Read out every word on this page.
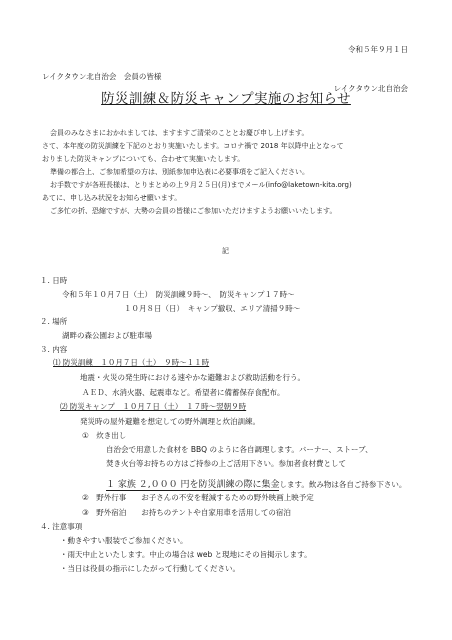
令和５年９月１日
レイクタウン北自治会　会員の皆様
レイクタウン北自治会
防災訓練＆防災キャンプ実施のお知らせ
会員のみなさまにおかれましては、ますますご清栄のこととお慶び申し上げます。
さて、本年度の防災訓練を下記のとおり実施いたします。コロナ禍で 2018 年以降中止となって
おりました防災キャンプについても、合わせて実施いたします。
準備の都合上、ご参加希望の方は、別紙参加申込表に必要事項をご記入ください。
お手数ですが各班長様は、とりまとめの上９月２５日(月)までメール(info@laketown-kita.org)
あてに、申し込み状況をお知らせ願います。
ご多忙の折、恐縮ですが、大勢の会員の皆様にご参加いただけますようお願いいたします。
記
１. 日時
令和５年１０月７日（土）　防災訓練９時〜、　防災キャンプ１７時〜
１０月８日（日）　キャンプ撤収、エリア清掃９時〜
２. 場所
湖畔の森公園および駐車場
３. 内容
⑴ 防災訓練　１０月７日（土）　９時〜１１時
地震・火災の発生時における速やかな避難および救助活動を行う。
ＡＥＤ、水消火器、起震車など。希望者に備蓄保存食配布。
⑵ 防災キャンプ　１０月７日（土）　１７時〜翌朝９時
発災時の屋外避難を想定しての野外調理と炊泊訓練。
①　炊き出し
自治会で用意した食材を BBQ のように各自調理します。バーナー、ストーブ、
焚き火台等お持ちの方はご持参の上ご活用下さい。参加者食材費として
１ 家族 ２,０００ 円を防災訓練の際に集金します。飲み物は各自ご持参下さい。
②　野外行事　　お子さんの不安を軽減するための野外映画上映予定
③　野外宿泊　　お持ちのテントや自家用車を活用しての宿泊
４. 注意事項
・動きやすい服装でご参加ください。
・雨天中止といたします。中止の場合は web と現地にその旨掲示します。
・当日は役員の指示にしたがって行動してください。
